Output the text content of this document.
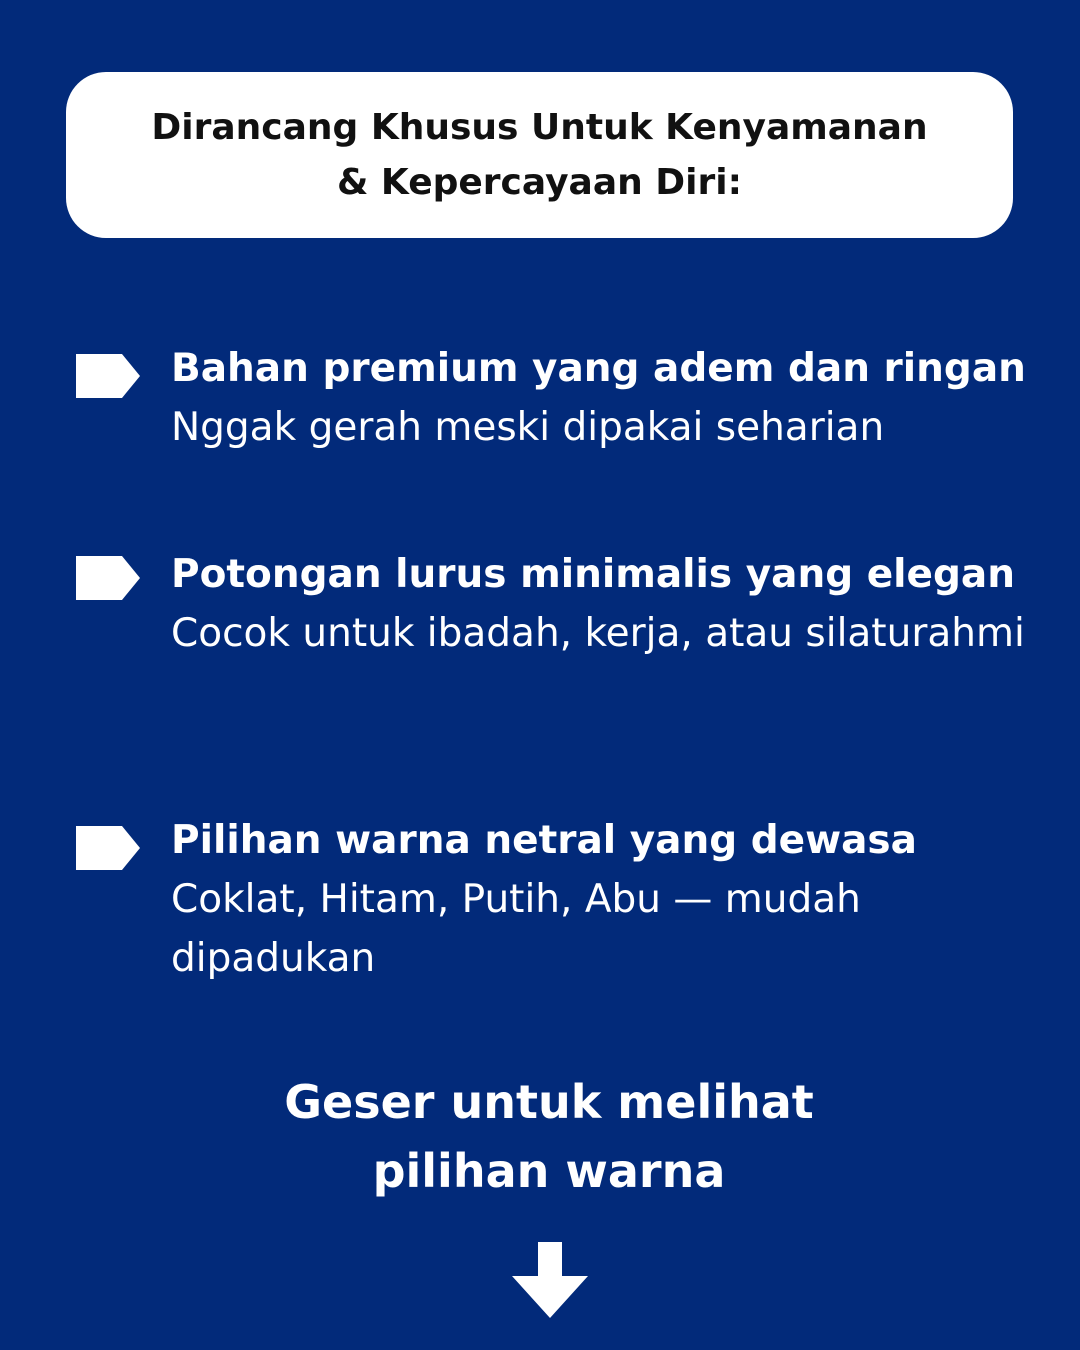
Dirancang Khusus Untuk Kenyamanan & Kepercayaan Diri:
Bahan premium yang adem dan ringan
Nggak gerah meski dipakai seharian
Potongan lurus minimalis yang elegan
Cocok untuk ibadah, kerja, atau silaturahmi
Pilihan warna netral yang dewasa
Coklat, Hitam, Putih, Abu — mudah dipadukan
Geser untuk melihat
pilihan warna
